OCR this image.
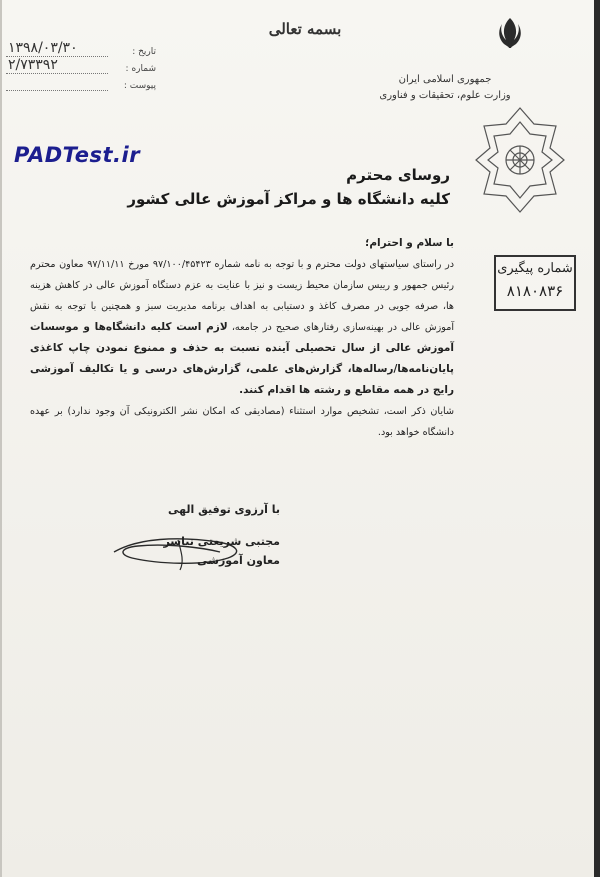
بسمه تعالی
جمهوری اسلامی ایران
وزارت علوم، تحقیقات و فناوری
تاریخ :
۱۳۹۸/۰۳/۳۰
شماره :
۲/۷۳۳۹۲
پیوست :
PADTest.ir
روسای محترم
کلیه دانشگاه ها و مراکز آموزش عالی کشور
شماره پیگیری
۸۱۸۰۸۳۶

با سلام و احترام؛

در راستای سیاستهای دولت محترم و با توجه به نامه شماره ۹۷/۱۰۰/۴۵۴۲۳ مورخ ۹۷/۱۱/۱۱ معاون محترم رئیس جمهور و رییس سازمان محیط زیست و نیز با عنایت به عزم دستگاه آموزش عالی در کاهش هزینه ها، صرفه جویی در مصرف کاغذ و دستیابی به اهداف برنامه مدیریت سبز و همچنین با توجه به نقش آموزش عالی در بهینه‌سازی رفتارهای صحیح در جامعه، لازم است کلیه دانشگاه‌ها و موسسات آموزش عالی از سال تحصیلی آینده نسبت به حذف و ممنوع نمودن چاپ کاغذی پایان‌نامه‌ها/رساله‌ها، گزارش‌های علمی، گزارش‌های درسی و یا تکالیف آموزشی رایج در همه مقاطع و رشته ها اقدام کنند.

شایان ذکر است، تشخیص موارد استثناء (مصادیقی که امکان نشر الکترونیکی آن وجود ندارد) بر عهده دانشگاه خواهد بود.

با آرزوی توفیق الهی
مجتبی شریعتی نیاسر
معاون آموزشی
